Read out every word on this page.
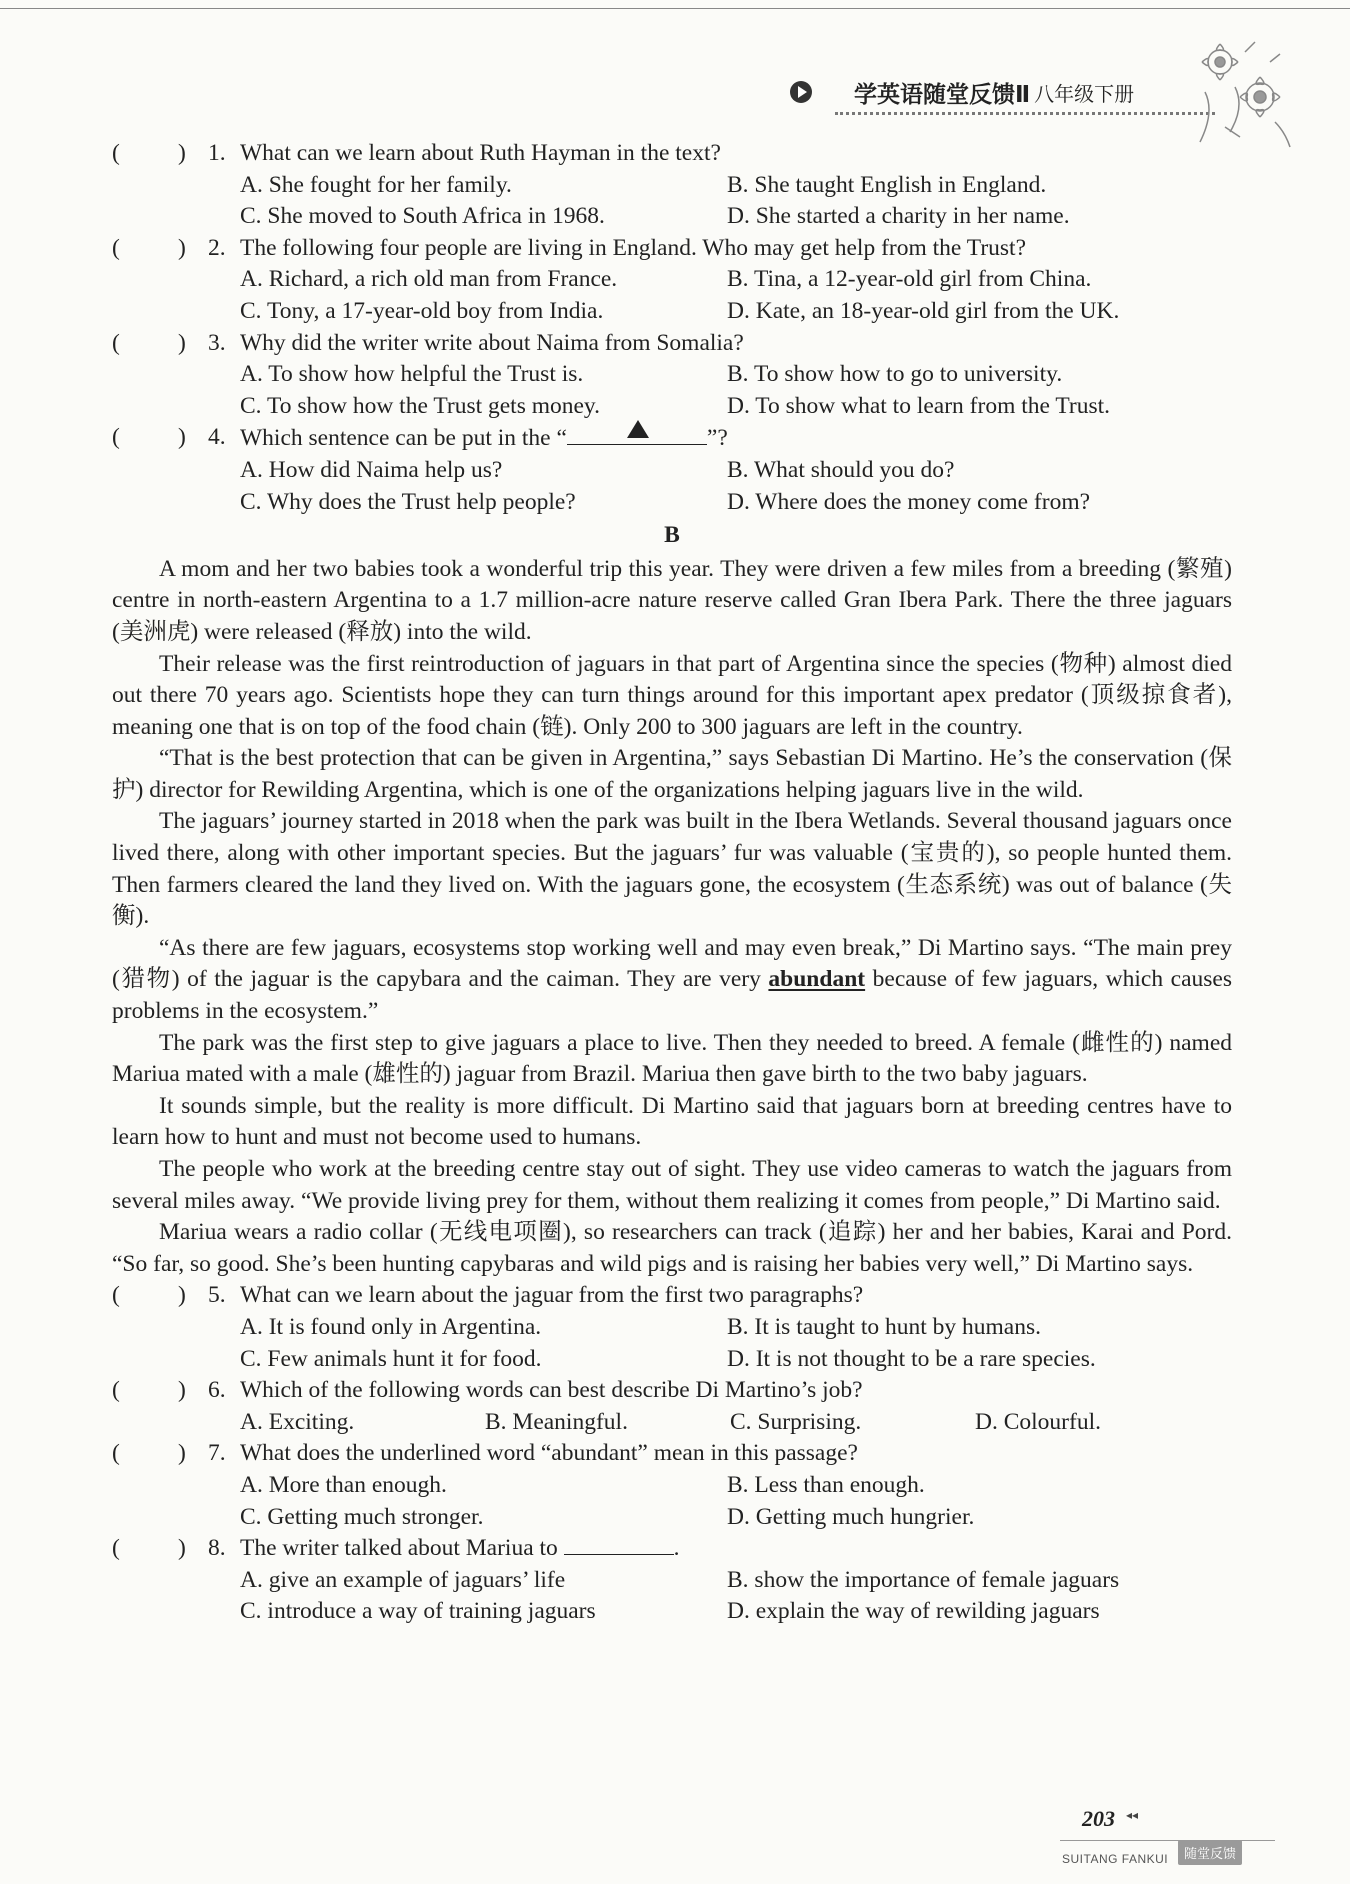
学英语随堂反馈Ⅱ 八年级下册
( ) 1. What can we learn about Ruth Hayman in the text?
A. She fought for her family.	B. She taught English in England.
C. She moved to South Africa in 1968.	D. She started a charity in her name.
( ) 2. The following four people are living in England. Who may get help from the Trust?
A. Richard, a rich old man from France.	B. Tina, a 12-year-old girl from China.
C. Tony, a 17-year-old boy from India.	D. Kate, an 18-year-old girl from the UK.
( ) 3. Why did the writer write about Naima from Somalia?
A. To show how helpful the Trust is.	B. To show how to go to university.
C. To show how the Trust gets money.	D. To show what to learn from the Trust.
( ) 4. Which sentence can be put in the “	”?
A. How did Naima help us?	B. What should you do?
C. Why does the Trust help people?	D. Where does the money come from?
B
A mom and her two babies took a wonderful trip this year. They were driven a few miles from a breeding (繁殖) centre in north-eastern Argentina to a 1.7 million-acre nature reserve called Gran Ibera Park. There the three jaguars (美洲虎) were released (释放) into the wild.
Their release was the first reintroduction of jaguars in that part of Argentina since the species (物种) almost died out there 70 years ago. Scientists hope they can turn things around for this important apex predator (顶级掠食者), meaning one that is on top of the food chain (链). Only 200 to 300 jaguars are left in the country.
“That is the best protection that can be given in Argentina,” says Sebastian Di Martino. He’s the conservation (保护) director for Rewilding Argentina, which is one of the organizations helping jaguars live in the wild.
The jaguars’ journey started in 2018 when the park was built in the Ibera Wetlands. Several thousand jaguars once lived there, along with other important species. But the jaguars’ fur was valuable (宝贵的), so people hunted them. Then farmers cleared the land they lived on. With the jaguars gone, the ecosystem (生态系统) was out of balance (失衡).
“As there are few jaguars, ecosystems stop working well and may even break,” Di Martino says. “The main prey (猎物) of the jaguar is the capybara and the caiman. They are very abundant because of few jaguars, which causes problems in the ecosystem.”
The park was the first step to give jaguars a place to live. Then they needed to breed. A female (雌性的) named Mariua mated with a male (雄性的) jaguar from Brazil. Mariua then gave birth to the two baby jaguars.
It sounds simple, but the reality is more difficult. Di Martino said that jaguars born at breeding centres have to learn how to hunt and must not become used to humans.
The people who work at the breeding centre stay out of sight. They use video cameras to watch the jaguars from several miles away. “We provide living prey for them, without them realizing it comes from people,” Di Martino said.
Mariua wears a radio collar (无线电项圈), so researchers can track (追踪) her and her babies, Karai and Pord. “So far, so good. She’s been hunting capybaras and wild pigs and is raising her babies very well,” Di Martino says.
( ) 5. What can we learn about the jaguar from the first two paragraphs?
A. It is found only in Argentina.	B. It is taught to hunt by humans.
C. Few animals hunt it for food.	D. It is not thought to be a rare species.
( ) 6. Which of the following words can best describe Di Martino’s job?
A. Exciting.	B. Meaningful.	C. Surprising.	D. Colourful.
( ) 7. What does the underlined word “abundant” mean in this passage?
A. More than enough.	B. Less than enough.
C. Getting much stronger.	D. Getting much hungrier.
( ) 8. The writer talked about Mariua to	.
A. give an example of jaguars’ life	B. show the importance of female jaguars
C. introduce a way of training jaguars	D. explain the way of rewilding jaguars
203 ◂◂
SUITANG FANKUI	随堂反馈
